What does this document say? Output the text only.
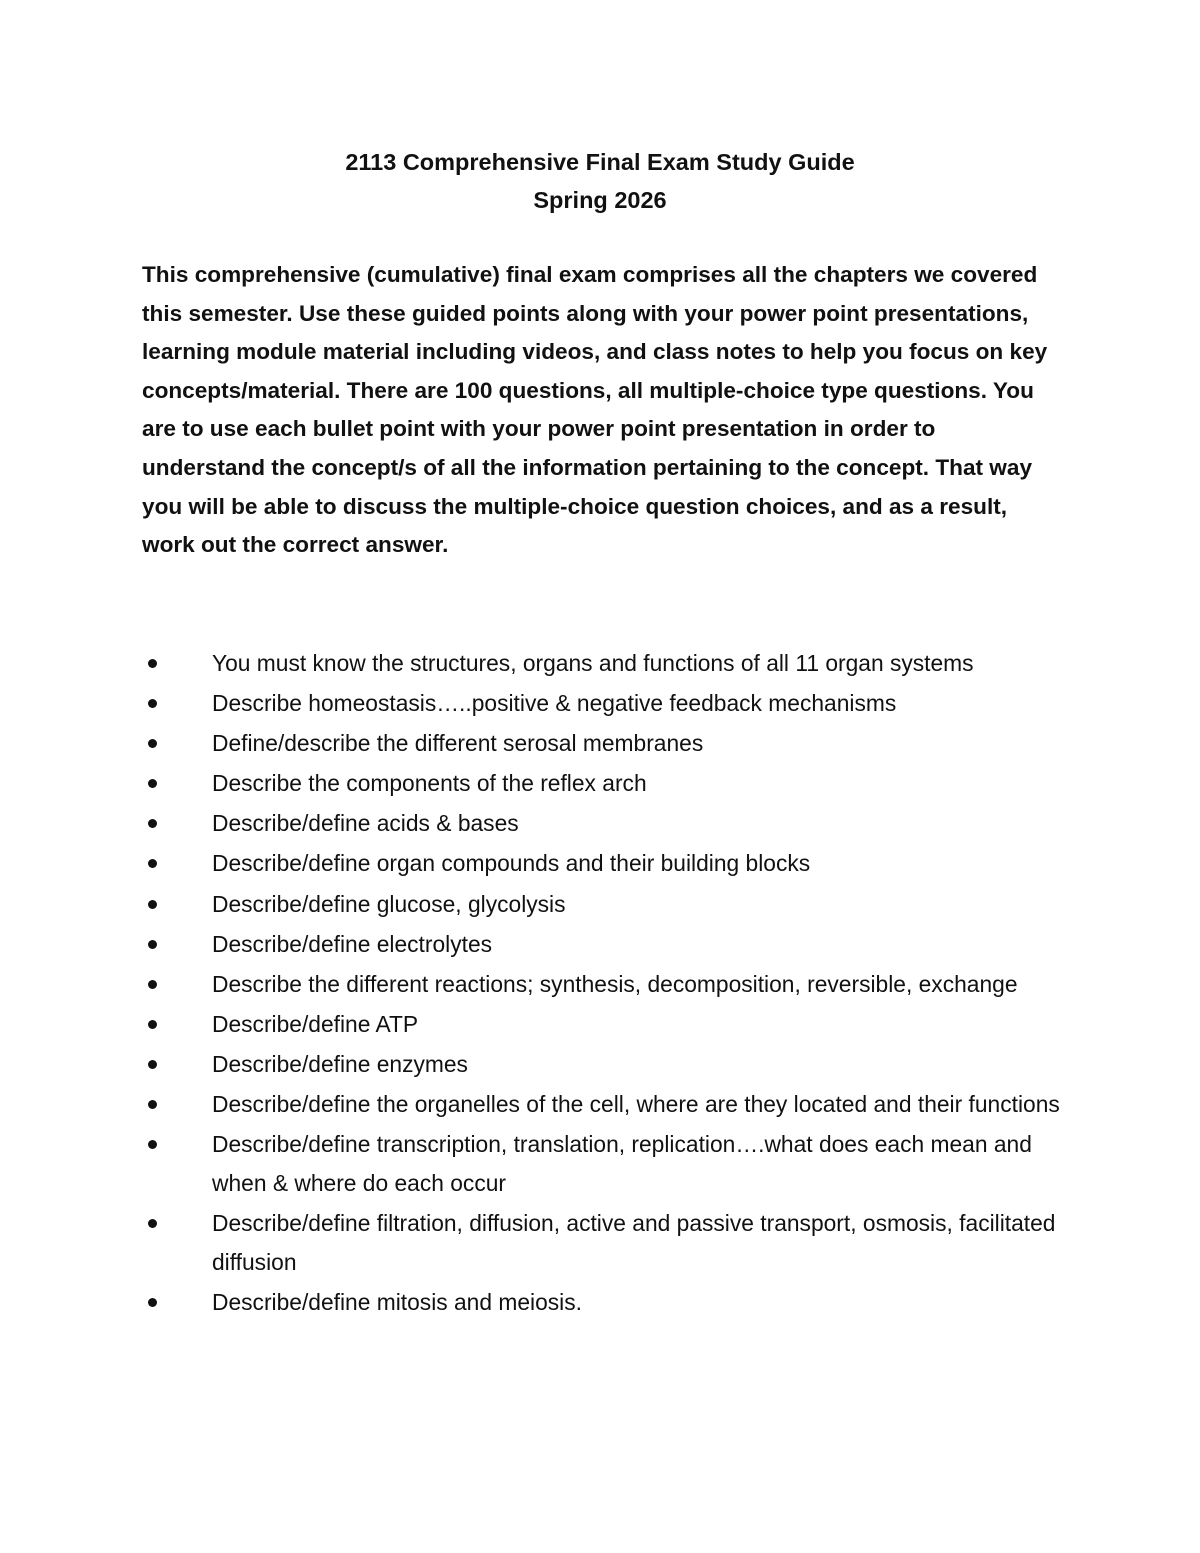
2113 Comprehensive Final Exam Study Guide
Spring 2026

This comprehensive (cumulative) final exam comprises all the chapters we covered this semester. Use these guided points along with your power point presentations, learning module material including videos, and class notes to help you focus on key concepts/material. There are 100 questions, all multiple-choice type questions. You are to use each bullet point with your power point presentation in order to understand the concept/s of all the information pertaining to the concept. That way you will be able to discuss the multiple-choice question choices, and as a result, work out the correct answer.

You must know the structures, organs and functions of all 11 organ systems
Describe homeostasis…..positive & negative feedback mechanisms
Define/describe the different serosal membranes
Describe the components of the reflex arch
Describe/define acids & bases
Describe/define organ compounds and their building blocks
Describe/define glucose, glycolysis
Describe/define electrolytes
Describe the different reactions; synthesis, decomposition, reversible, exchange
Describe/define ATP
Describe/define enzymes
Describe/define the organelles of the cell, where are they located and their functions
Describe/define transcription, translation, replication….what does each mean and when & where do each occur
Describe/define filtration, diffusion, active and passive transport, osmosis, facilitated diffusion
Describe/define mitosis and meiosis.
